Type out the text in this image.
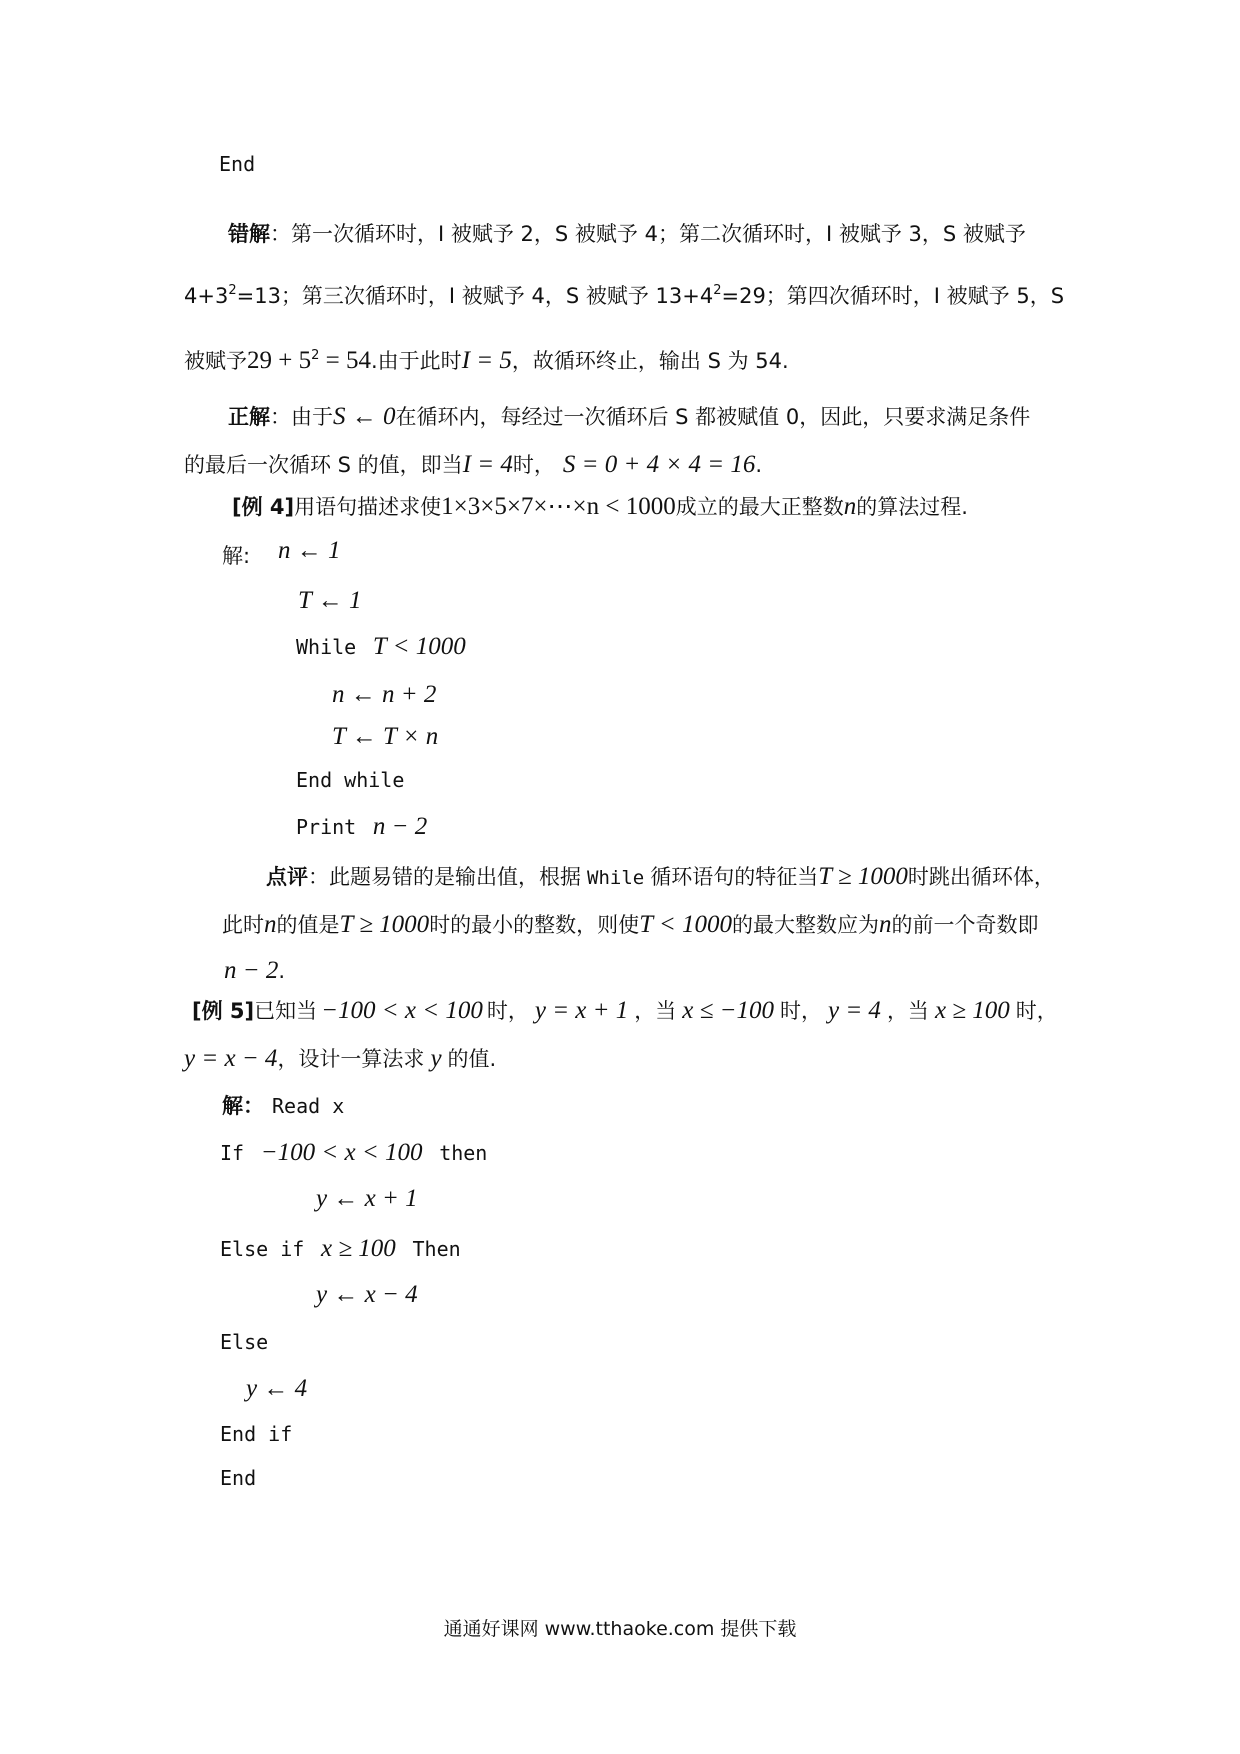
End
错解：第一次循环时，I 被赋予 2，S 被赋予 4；第二次循环时，I 被赋予 3，S 被赋予
$4+3^2=13$；第三次循环时，I 被赋予 4，S 被赋予 $13+4^2=29$；第四次循环时，I 被赋予 5，S
被赋予$29 + 5^2 = 54$.由于此时I = 5，故循环终止，输出 S 为 54.
正解：由于S ← 0在循环内，每经过一次循环后 S 都被赋值 0，因此，只要求满足条件
的最后一次循环 S 的值，即当I = 4时， S = 0 + 4 × 4 = 16.
[例 4]用语句描述求使1×3×5×7×⋯×n < 1000成立的最大正整数n的算法过程.
解: n ← 1
T ← 1
While T < 1000
n ← n + 2
T ← T × n
End while
Print n − 2
点评：此题易错的是输出值，根据 While 循环语句的特征当T ≥ 1000时跳出循环体，
此时n的值是T ≥ 1000时的最小的整数，则使T < 1000的最大整数应为n的前一个奇数即
n − 2.
[例 5]已知当 −100 < x < 100 时， y = x + 1 ，当 x ≤ −100 时， y = 4 ，当 x ≥ 100 时，
y = x − 4，设计一算法求 y 的值.
解： Read x
If −100 < x < 100 then
y ← x + 1
Else if x ≥ 100 Then
y ← x − 4
Else
y ← 4
End if
End
通通好课网 www.tthaoke.com 提供下载
